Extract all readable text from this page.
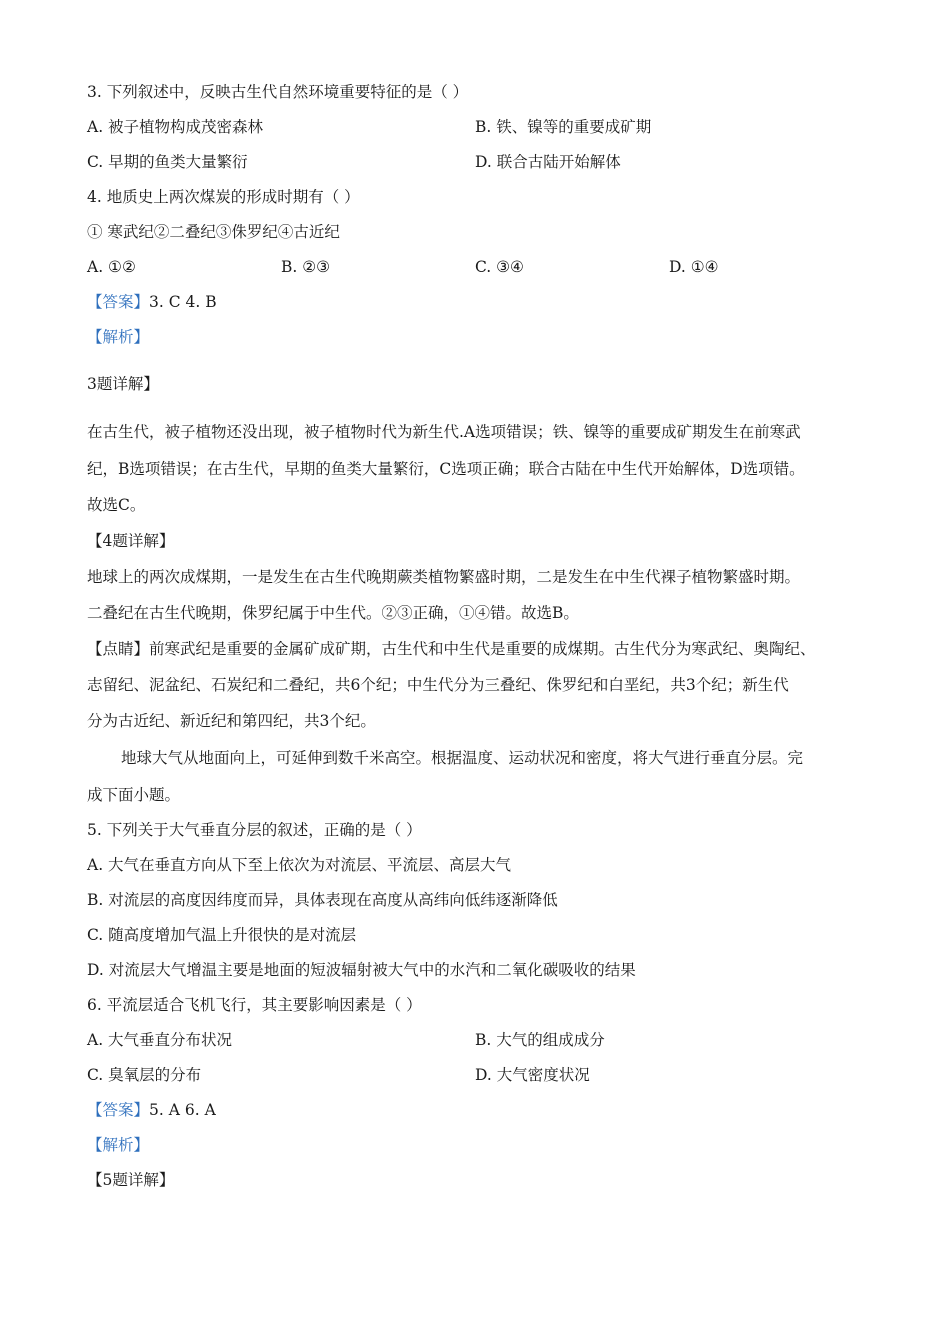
3. 下列叙述中，反映古生代自然环境重要特征的是（ ）
A. 被子植物构成茂密森林	B. 铁、镍等的重要成矿期
C. 早期的鱼类大量繁衍	D. 联合古陆开始解体
4. 地质史上两次煤炭的形成时期有（ ）
① 寒武纪②二叠纪③侏罗纪④古近纪
A. ①②	B. ②③	C. ③④	D. ①④
【答案】3. C 4. B
【解析】
3题详解】
在古生代，被子植物还没出现，被子植物时代为新生代.A选项错误；铁、镍等的重要成矿期发生在前寒武
纪，B选项错误；在古生代，早期的鱼类大量繁衍，C选项正确；联合古陆在中生代开始解体，D选项错。
故选C。
【4题详解】
地球上的两次成煤期，一是发生在古生代晚期蕨类植物繁盛时期，二是发生在中生代裸子植物繁盛时期。
二叠纪在古生代晚期，侏罗纪属于中生代。②③正确，①④错。故选B。
【点睛】前寒武纪是重要的金属矿成矿期，古生代和中生代是重要的成煤期。古生代分为寒武纪、奥陶纪、
志留纪、泥盆纪、石炭纪和二叠纪，共6个纪；中生代分为三叠纪、侏罗纪和白垩纪，共3个纪；新生代
分为古近纪、新近纪和第四纪，共3个纪。
地球大气从地面向上，可延伸到数千米高空。根据温度、运动状况和密度，将大气进行垂直分层。完
成下面小题。
5. 下列关于大气垂直分层的叙述，正确的是（ ）
A. 大气在垂直方向从下至上依次为对流层、平流层、高层大气
B. 对流层的高度因纬度而异，具体表现在高度从高纬向低纬逐渐降低
C. 随高度增加气温上升很快的是对流层
D. 对流层大气增温主要是地面的短波辐射被大气中的水汽和二氧化碳吸收的结果
6. 平流层适合飞机飞行，其主要影响因素是（ ）
A. 大气垂直分布状况	B. 大气的组成成分
C. 臭氧层的分布	D. 大气密度状况
【答案】5. A 6. A
【解析】
【5题详解】
